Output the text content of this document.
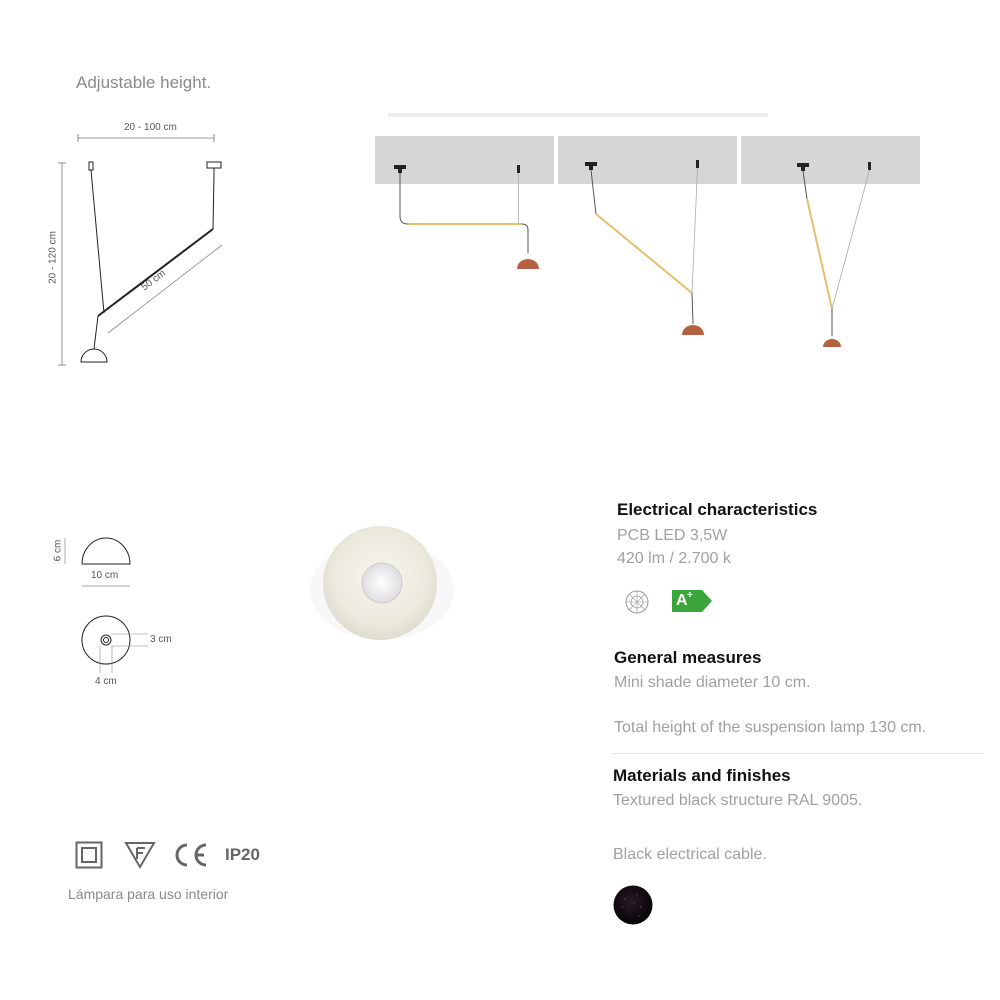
Adjustable height.
20 - 100 cm
20 - 120 cm	50 cm
6 cm
10 cm
3 cm
4 cm
Electrical characteristics
PCB LED 3,5W
420 lm / 2.700 k
A +
General measures
Mini shade diameter 10 cm.
Total height of the suspension lamp 130 cm.
Materials and finishes
Textured black structure RAL 9005.
Black electrical cable.
IP20
Lámpara para uso interior
